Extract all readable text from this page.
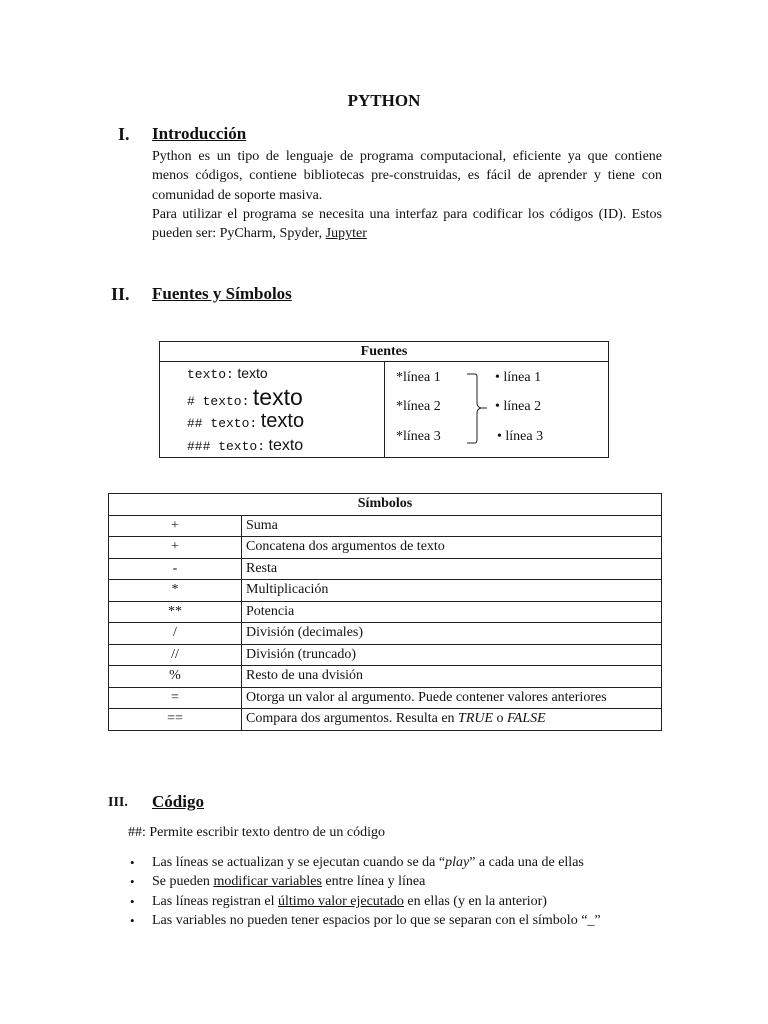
PYTHON
I. Introducción
Python es un tipo de lenguaje de programa computacional, eficiente ya que contiene menos códigos, contiene bibliotecas pre-construidas, es fácil de aprender y tiene con comunidad de soporte masiva.
Para utilizar el programa se necesita una interfaz para codificar los códigos (ID). Estos pueden ser: PyCharm, Spyder, Jupyter
II. Fuentes y Símbolos
Fuentes

texto: texto
# texto: texto
## texto: texto
### texto: texto

*línea 1
*línea 2
*línea 3
• línea 1
• línea 2
• línea 3
Símbolos	
+	Suma
+	Concatena dos argumentos de texto
-	Resta
*	Multiplicación
**	Potencia
/	División (decimales)
//	División (truncado)
%	Resto de una dvisión
=	Otorga un valor al argumento. Puede contener valores anteriores
==	Compara dos argumentos. Resulta en TRUE o FALSE
III. Código
##: Permite escribir texto dentro de un código
• Las líneas se actualizan y se ejecutan cuando se da “play” a cada una de ellas
• Se pueden modificar variables entre línea y línea
• Las líneas registran el último valor ejecutado en ellas (y en la anterior)
• Las variables no pueden tener espacios por lo que se separan con el símbolo “_”
